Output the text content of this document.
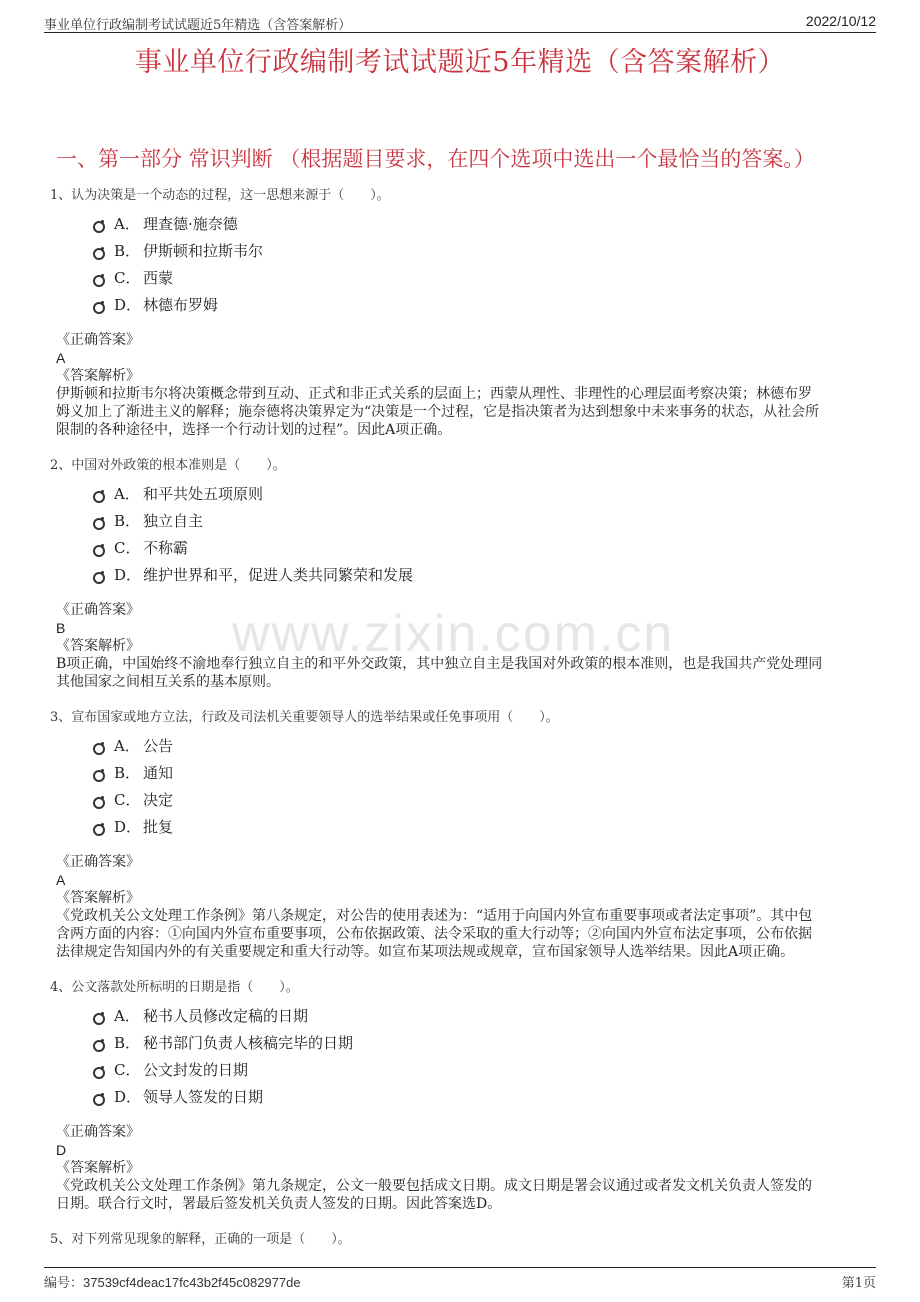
事业单位行政编制考试试题近5年精选（含答案解析）	2022/10/12
事业单位行政编制考试试题近5年精选（含答案解析）
一、第一部分 常识判断 （根据题目要求，在四个选项中选出一个最恰当的答案。）
www.zixin.com.cn
1、认为决策是一个动态的过程，这一思想来源于（　　）。
A． 理查德·施奈德
B． 伊斯顿和拉斯韦尔
C． 西蒙
D． 林德布罗姆
《正确答案》
A
《答案解析》
伊斯顿和拉斯韦尔将决策概念带到互动、正式和非正式关系的层面上；西蒙从理性、非理性的心理层面考察决策；林德布罗
姆义加上了渐进主义的解释；施奈德将决策界定为“决策是一个过程，它是指决策者为达到想象中未来事务的状态，从社会所
限制的各种途径中，选择一个行动计划的过程”。因此A项正确。
2、中国对外政策的根本准则是（　　）。
A． 和平共处五项原则
B． 独立自主
C． 不称霸
D． 维护世界和平，促进人类共同繁荣和发展
《正确答案》
B
《答案解析》
B项正确，中国始终不渝地奉行独立自主的和平外交政策，其中独立自主是我国对外政策的根本准则，也是我国共产党处理同
其他国家之间相互关系的基本原则。
3、宣布国家或地方立法，行政及司法机关重要领导人的选举结果或任免事项用（　　）。
A． 公告
B． 通知
C． 决定
D． 批复
《正确答案》
A
《答案解析》
《党政机关公文处理工作条例》第八条规定，对公告的使用表述为：“适用于向国内外宣布重要事项或者法定事项”。其中包
含两方面的内容：①向国内外宣布重要事项，公布依据政策、法令采取的重大行动等；②向国内外宣布法定事项，公布依据
法律规定告知国内外的有关重要规定和重大行动等。如宣布某项法规或规章，宣布国家领导人选举结果。因此A项正确。
4、公文落款处所标明的日期是指（　　）。
A． 秘书人员修改定稿的日期
B． 秘书部门负责人核稿完毕的日期
C． 公文封发的日期
D． 领导人签发的日期
《正确答案》
D
《答案解析》
《党政机关公文处理工作条例》第九条规定，公文一般要包括成文日期。成文日期是署会议通过或者发文机关负责人签发的
日期。联合行文时，署最后签发机关负责人签发的日期。因此答案选D。
5、对下列常见现象的解释，正确的一项是（　　）。
编号：37539cf4deac17fc43b2f45c082977de	第1页
